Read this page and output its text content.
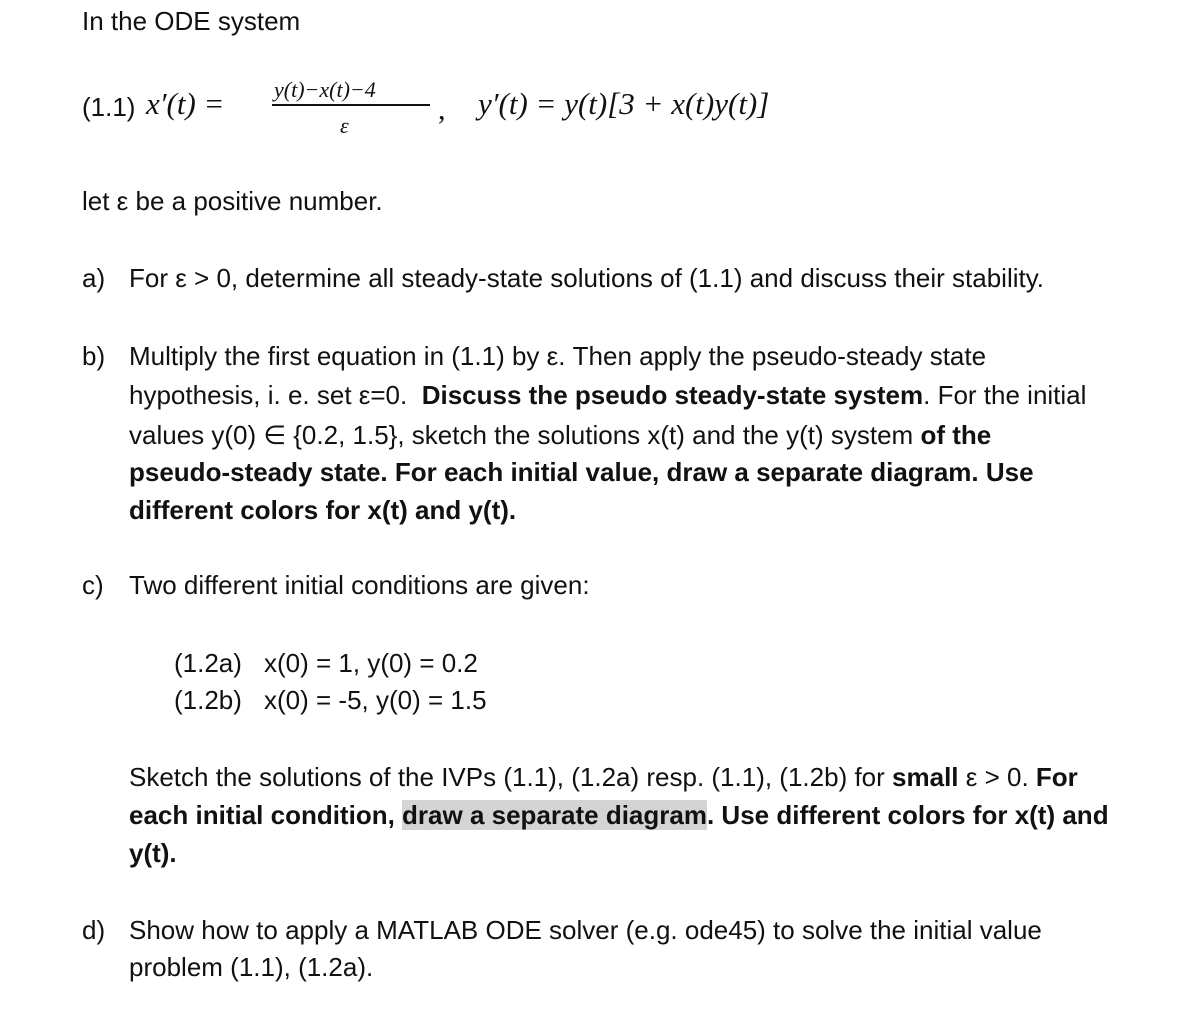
In the ODE system
(1.1) x′(t) = y(t)−x(t)−4
ε	, y′(t) = y(t)[3 + x(t)y(t)]
let ε be a positive number.
a) For ε > 0, determine all steady-state solutions of (1.1) and discuss their stability.
b) Multiply the first equation in (1.1) by ε. Then apply the pseudo-steady state
hypothesis, i. e. set ε=0. Discuss the pseudo steady-state system. For the initial
values y(0) ∈ {0.2, 1.5}, sketch the solutions x(t) and the y(t) system of the
pseudo-steady state. For each initial value, draw a separate diagram. Use
different colors for x(t) and y(t).
c) Two different initial conditions are given:
(1.2a) x(0) = 1, y(0) = 0.2
(1.2b) x(0) = -5, y(0) = 1.5
Sketch the solutions of the IVPs (1.1), (1.2a) resp. (1.1), (1.2b) for small ε > 0. For
each initial condition, draw a separate diagram. Use different colors for x(t) and
y(t).
d) Show how to apply a MATLAB ODE solver (e.g. ode45) to solve the initial value
problem (1.1), (1.2a).
